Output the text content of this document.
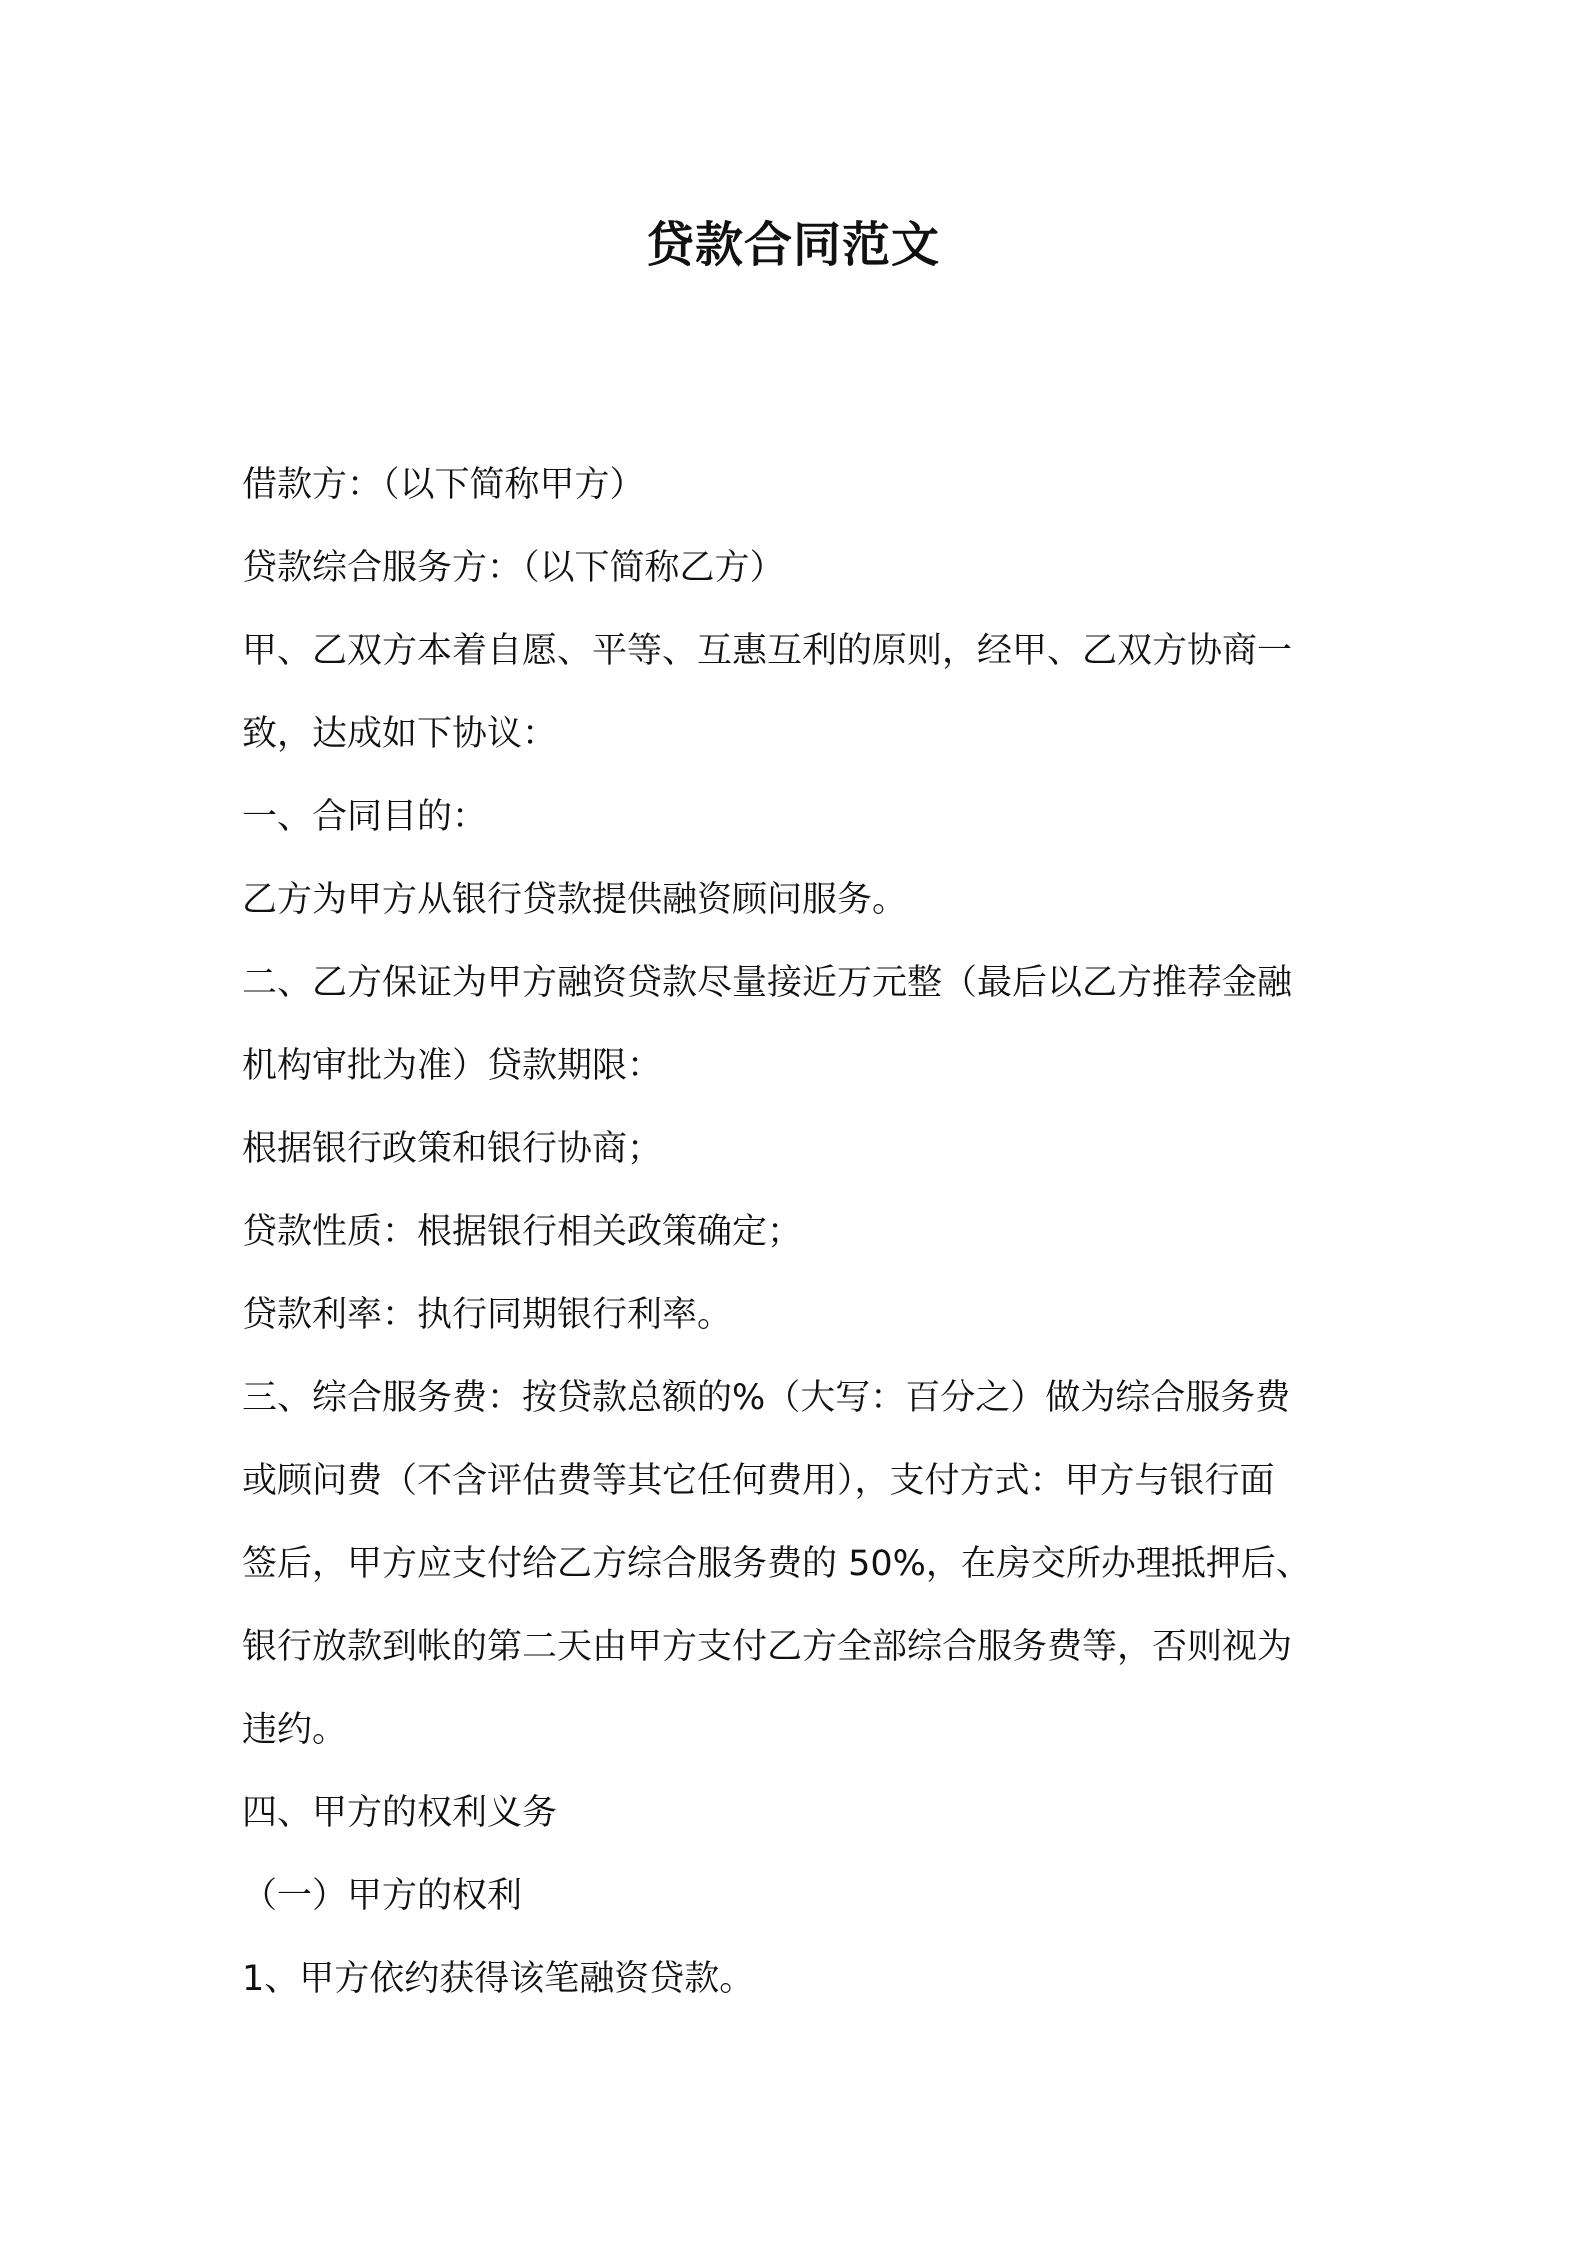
贷款合同范文
借款方：（以下简称甲方）
贷款综合服务方：（以下简称乙方）
甲、乙双方本着自愿、平等、互惠互利的原则，经甲、乙双方协商一
致，达成如下协议：
一、合同目的：
乙方为甲方从银行贷款提供融资顾问服务。
二、乙方保证为甲方融资贷款尽量接近万元整（最后以乙方推荐金融
机构审批为准）贷款期限：
根据银行政策和银行协商；
贷款性质：根据银行相关政策确定；
贷款利率：执行同期银行利率。
三、综合服务费：按贷款总额的%（大写：百分之）做为综合服务费
或顾问费（不含评估费等其它任何费用），支付方式：甲方与银行面
签后，甲方应支付给乙方综合服务费的 50%，在房交所办理抵押后、
银行放款到帐的第二天由甲方支付乙方全部综合服务费等，否则视为
违约。
四、甲方的权利义务
（一）甲方的权利
1、甲方依约获得该笔融资贷款。
